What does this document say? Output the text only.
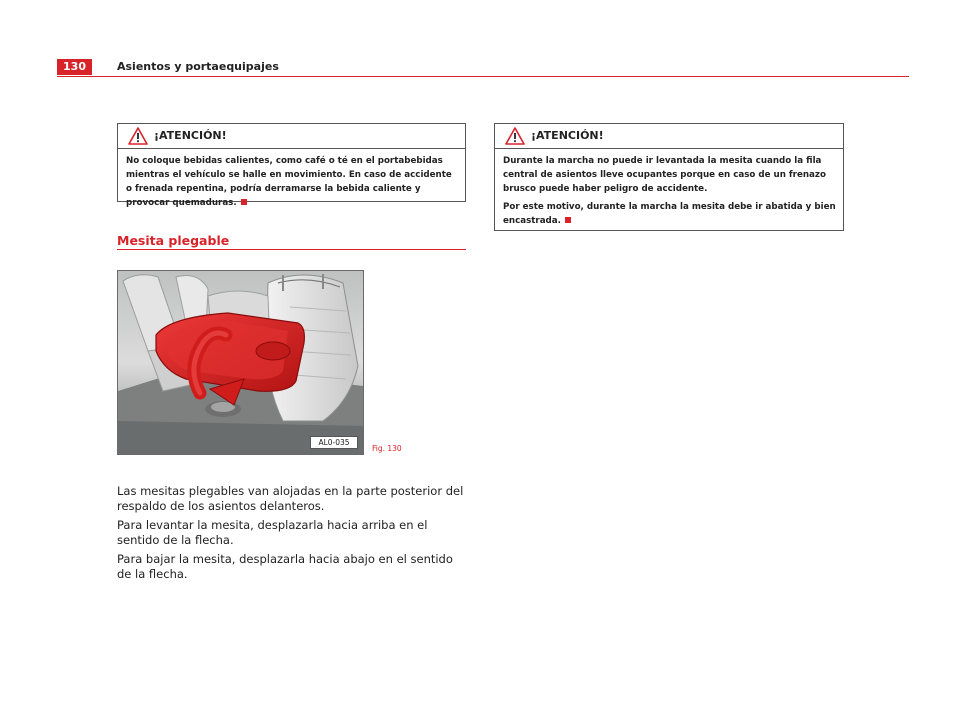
130	Asientos y portaequipajes
¡ATENCIÓN!

No coloque bebidas calientes, como café o té en el portabebidas mientras el vehículo se halle en movimiento. En caso de accidente o frenada repentina, podría derramarse la bebida caliente y provocar quemaduras.

¡ATENCIÓN!

Durante la marcha no puede ir levantada la mesita cuando la fila central de asientos lleve ocupantes porque en caso de un frenazo brusco puede haber peligro de accidente.

Por este motivo, durante la marcha la mesita debe ir abatida y bien encastrada.

Mesita plegable
AL0-035
Fig. 130

Las mesitas plegables van alojadas en la parte posterior del respaldo de los asientos delanteros.

Para levantar la mesita, desplazarla hacia arriba en el sentido de la flecha.

Para bajar la mesita, desplazarla hacia abajo en el sentido de la flecha.
